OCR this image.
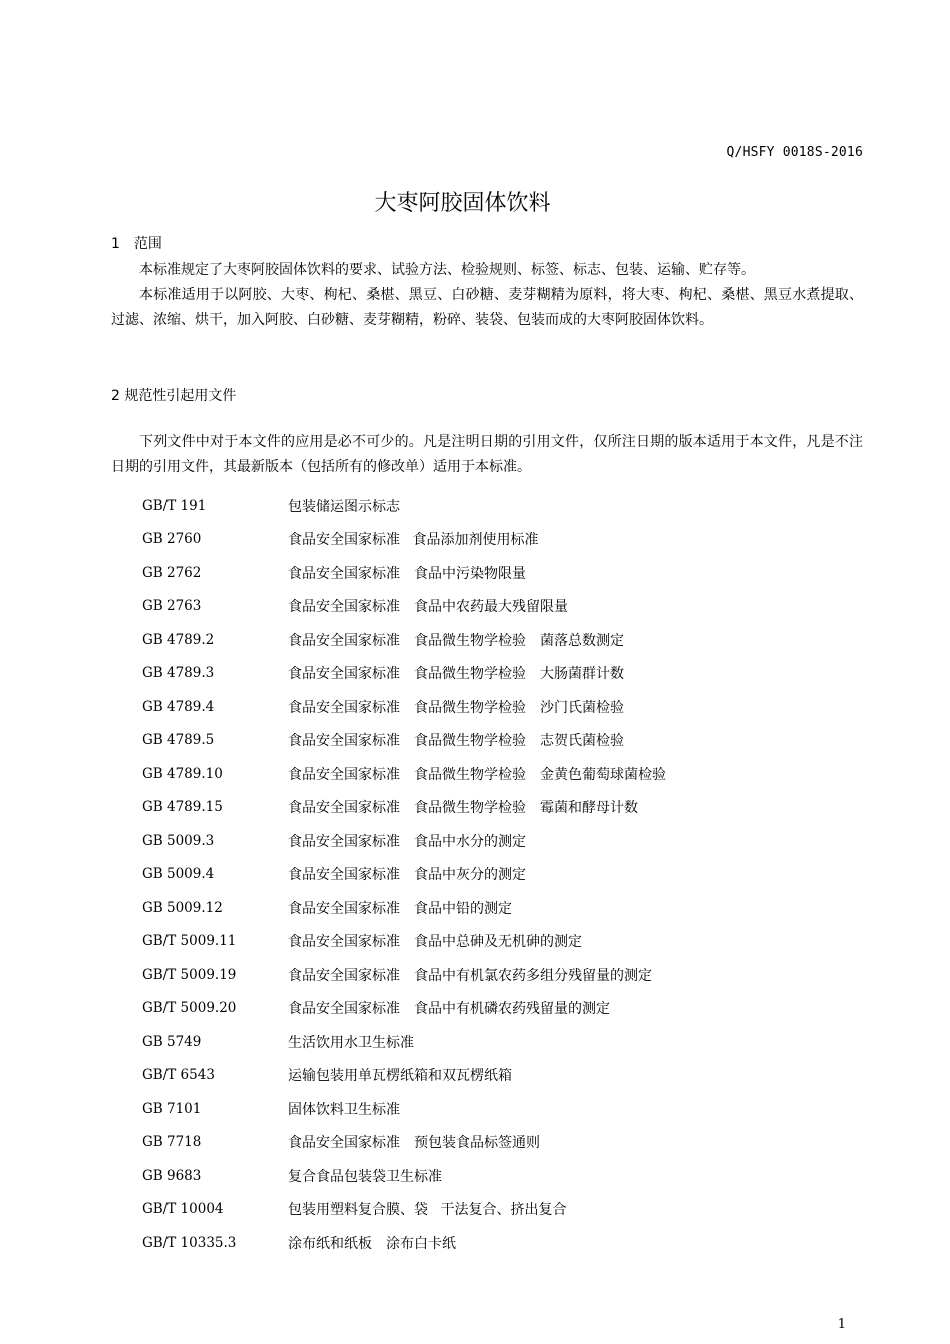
Q/HSFY 0018S-2016
大枣阿胶固体饮料
1 范围

本标准规定了大枣阿胶固体饮料的要求、试验方法、检验规则、标签、标志、包装、运输、贮存等。

本标准适用于以阿胶、大枣、枸杞、桑椹、黑豆、白砂糖、麦芽糊精为原料，将大枣、枸杞、桑椹、黑豆水煮提取、过滤、浓缩、烘干，加入阿胶、白砂糖、麦芽糊精，粉碎、装袋、包装而成的大枣阿胶固体饮料。

2 规范性引起用文件

下列文件中对于本文件的应用是必不可少的。凡是注明日期的引用文件，仅所注日期的版本适用于本文件，凡是不注日期的引用文件，其最新版本（包括所有的修改单）适用于本标准。

GB/T 191	包装储运图示标志
GB 2760	食品安全国家标准 食品添加剂使用标准
GB 2762	食品安全国家标准　食品中污染物限量
GB 2763	食品安全国家标准　食品中农药最大残留限量
GB 4789.2	食品安全国家标准　食品微生物学检验　菌落总数测定
GB 4789.3	食品安全国家标准　食品微生物学检验　大肠菌群计数
GB 4789.4	食品安全国家标准　食品微生物学检验　沙门氏菌检验
GB 4789.5	食品安全国家标准　食品微生物学检验　志贺氏菌检验
GB 4789.10	食品安全国家标准　食品微生物学检验　金黄色葡萄球菌检验
GB 4789.15	食品安全国家标准　食品微生物学检验　霉菌和酵母计数
GB 5009.3	食品安全国家标准　食品中水分的测定
GB 5009.4	食品安全国家标准　食品中灰分的测定
GB 5009.12	食品安全国家标准　食品中铅的测定
GB/T 5009.11	食品安全国家标准　食品中总砷及无机砷的测定
GB/T 5009.19	食品安全国家标准　食品中有机氯农药多组分残留量的测定
GB/T 5009.20	食品安全国家标准　食品中有机磷农药残留量的测定
GB 5749	生活饮用水卫生标准
GB/T 6543	运输包装用单瓦楞纸箱和双瓦楞纸箱
GB 7101	固体饮料卫生标准
GB 7718	食品安全国家标准　预包装食品标签通则
GB 9683	复合食品包装袋卫生标准
GB/T 10004	包装用塑料复合膜、袋 干法复合、挤出复合
GB/T 10335.3	涂布纸和纸板　涂布白卡纸
1
